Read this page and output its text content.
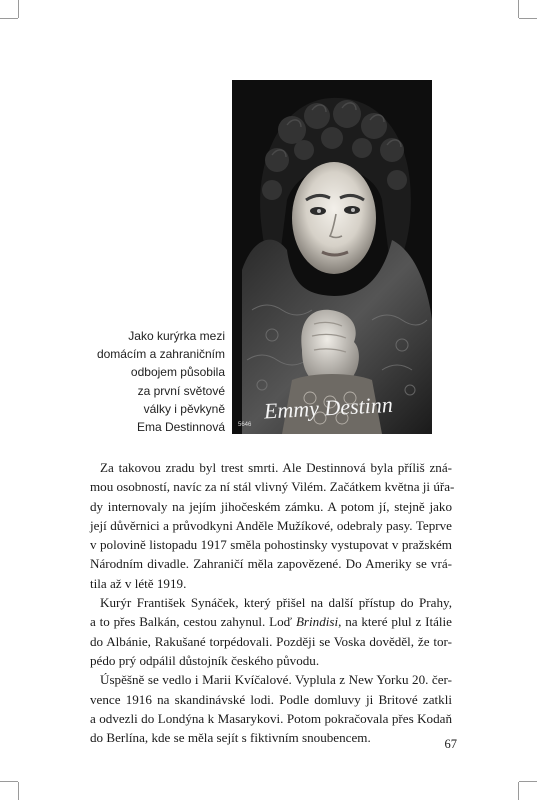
5646
Emmy Destinn
Jako kurýrka mezi
domácím a zahraničním
odbojem působila
za první světové
války i pěvkyně
Ema Destinnová
Za takovou zradu byl trest smrti. Ale Destinnová byla příliš zná-
mou osobností, navíc za ní stál vlivný Vilém. Začátkem května ji úřa-
dy internovaly na jejím jihočeském zámku. A potom jí, stejně jako
její důvěrnici a průvodkyni Anděle Mužíkové, odebraly pasy. Teprve
v polovině listopadu 1917 směla pohostinsky vystupovat v pražském
Národním divadle. Zahraničí měla zapovězené. Do Ameriky se vrá-
tila až v létě 1919.
Kurýr František Synáček, který přišel na další přístup do Prahy,
a to přes Balkán, cestou zahynul. Loď Brindisi, na které plul z Itálie
do Albánie, Rakušané torpédovali. Později se Voska dověděl, že tor-
pédo prý odpálil důstojník českého původu.
Úspěšně se vedlo i Marii Kvíčalové. Vyplula z New Yorku 20. čer-
vence 1916 na skandinávské lodi. Podle domluvy ji Britové zatkli
a odvezli do Londýna k Masarykovi. Potom pokračovala přes Kodaň
do Berlína, kde se měla sejít s fiktivním snoubencem.	67
